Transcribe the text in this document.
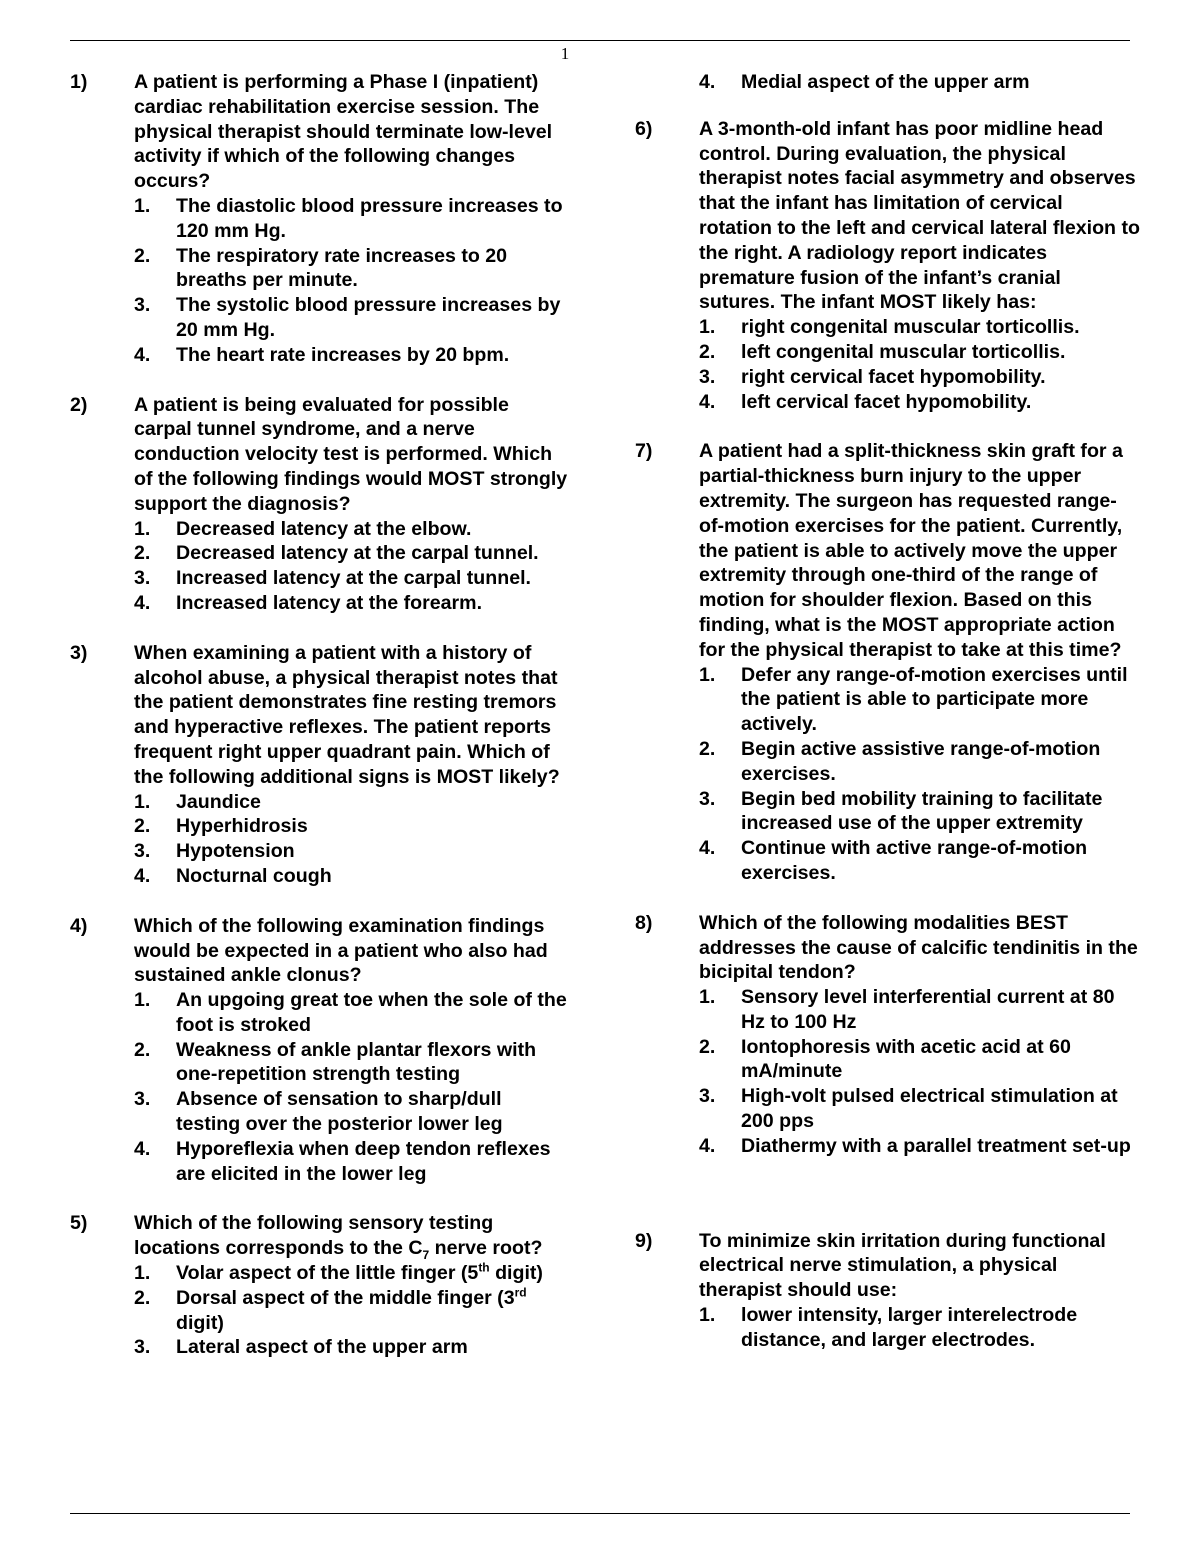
1
1) A patient is performing a Phase I (inpatient) cardiac rehabilitation exercise session. The physical therapist should terminate low-level activity if which of the following changes occurs?
1. The diastolic blood pressure increases to 120 mm Hg.
2. The respiratory rate increases to 20 breaths per minute.
3. The systolic blood pressure increases by 20 mm Hg.
4. The heart rate increases by 20 bpm.
2) A patient is being evaluated for possible carpal tunnel syndrome, and a nerve conduction velocity test is performed. Which of the following findings would MOST strongly support the diagnosis?
1. Decreased latency at the elbow.
2. Decreased latency at the carpal tunnel.
3. Increased latency at the carpal tunnel.
4. Increased latency at the forearm.
3) When examining a patient with a history of alcohol abuse, a physical therapist notes that the patient demonstrates fine resting tremors and hyperactive reflexes. The patient reports frequent right upper quadrant pain. Which of the following additional signs is MOST likely?
1. Jaundice
2. Hyperhidrosis
3. Hypotension
4. Nocturnal cough
4) Which of the following examination findings would be expected in a patient who also had sustained ankle clonus?
1. An upgoing great toe when the sole of the foot is stroked
2. Weakness of ankle plantar flexors with one-repetition strength testing
3. Absence of sensation to sharp/dull testing over the posterior lower leg
4. Hyporeflexia when deep tendon reflexes are elicited in the lower leg
5) Which of the following sensory testing locations corresponds to the $C_7$ nerve root?
1. Volar aspect of the little finger (5th digit)
2. Dorsal aspect of the middle finger (3rd digit)
3. Lateral aspect of the upper arm
4. Medial aspect of the upper arm
6) A 3-month-old infant has poor midline head control. During evaluation, the physical therapist notes facial asymmetry and observes that the infant has limitation of cervical rotation to the left and cervical lateral flexion to the right. A radiology report indicates premature fusion of the infant’s cranial sutures. The infant MOST likely has:
1. right congenital muscular torticollis.
2. left congenital muscular torticollis.
3. right cervical facet hypomobility.
4. left cervical facet hypomobility.
7) A patient had a split-thickness skin graft for a partial-thickness burn injury to the upper extremity. The surgeon has requested range-of-motion exercises for the patient. Currently, the patient is able to actively move the upper extremity through one-third of the range of motion for shoulder flexion. Based on this finding, what is the MOST appropriate action for the physical therapist to take at this time?
1. Defer any range-of-motion exercises until the patient is able to participate more actively.
2. Begin active assistive range-of-motion exercises.
3. Begin bed mobility training to facilitate increased use of the upper extremity
4. Continue with active range-of-motion exercises.
8) Which of the following modalities BEST addresses the cause of calcific tendinitis in the bicipital tendon?
1. Sensory level interferential current at 80 Hz to 100 Hz
2. Iontophoresis with acetic acid at 60 mA/minute
3. High-volt pulsed electrical stimulation at 200 pps
4. Diathermy with a parallel treatment set-up
9) To minimize skin irritation during functional electrical nerve stimulation, a physical therapist should use:
1. lower intensity, larger interelectrode distance, and larger electrodes.
